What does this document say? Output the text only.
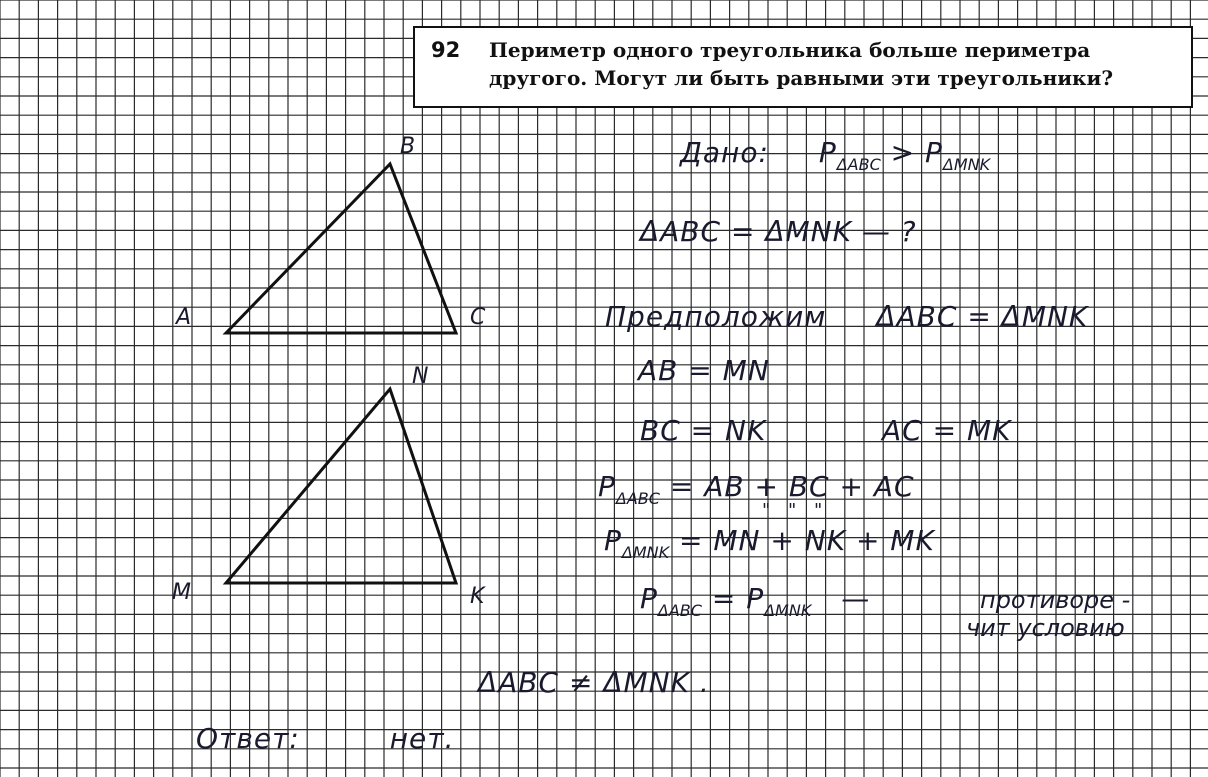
92 Периметр одного треугольника больше периметра
другого. Могут ли быть равными эти треугольники?
A
B
C
M
N
K
Дано: $P_{\Delta ABC} > P_{\Delta MNK}$
ΔABC = ΔMNK — ?
Предположим ΔABC = ΔMNK
AB = MN
BC = NK	AC = MK
$P_{\Delta ABC}$ = AB + BC + AC
" " "
$P_{\Delta MNK}$ = MN + NK + MK
$P_{\Delta ABC} = P_{\Delta MNK}$ —	противоре -
чит условию
ΔABC ≠ ΔMNK .
Ответ:	нет.
